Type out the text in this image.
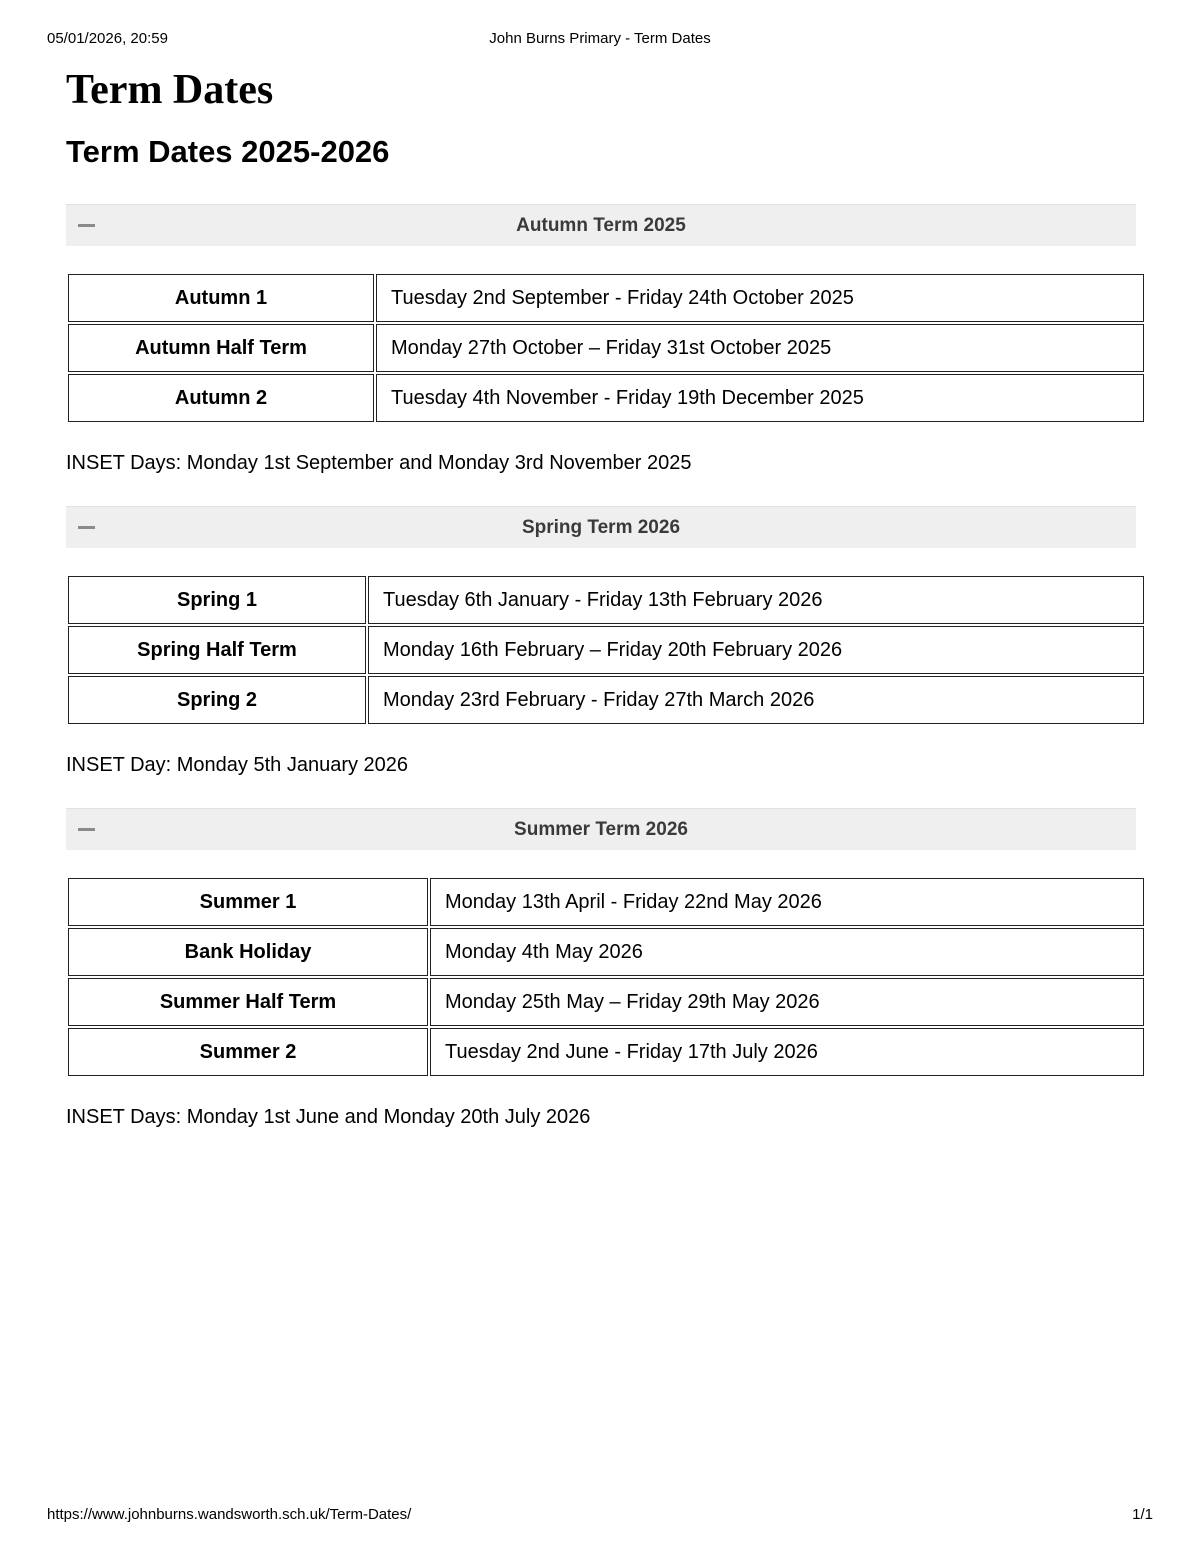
05/01/2026, 20:59	John Burns Primary - Term Dates
Term Dates
Term Dates 2025-2026
Autumn Term 2025
Autumn 1	Tuesday 2nd September - Friday 24th October 2025
Autumn Half Term	Monday 27th October – Friday 31st October 2025
Autumn 2	Tuesday 4th November - Friday 19th December 2025
INSET Days: Monday 1st September and Monday 3rd November 2025
Spring Term 2026
Spring 1	Tuesday 6th January - Friday 13th February 2026
Spring Half Term	Monday 16th February – Friday 20th February 2026
Spring 2	Monday 23rd February - Friday 27th March 2026
INSET Day: Monday 5th January 2026
Summer Term 2026
Summer 1	Monday 13th April - Friday 22nd May 2026
Bank Holiday	Monday 4th May 2026
Summer Half Term	Monday 25th May – Friday 29th May 2026
Summer 2	Tuesday 2nd June - Friday 17th July 2026
INSET Days: Monday 1st June and Monday 20th July 2026
https://www.johnburns.wandsworth.sch.uk/Term-Dates/	1/1
